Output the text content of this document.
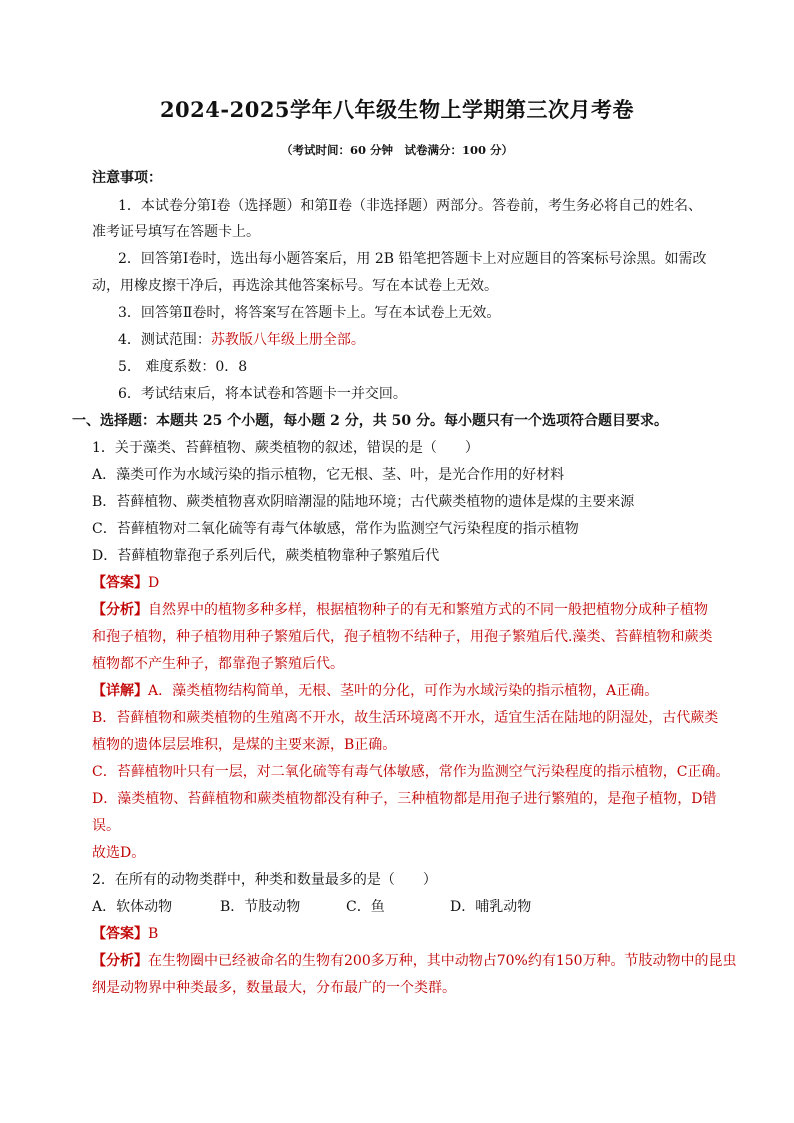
2024-2025学年八年级生物上学期第三次月考卷
（考试时间：60 分钟　试卷满分：100 分）
注意事项：
1．本试卷分第Ⅰ卷（选择题）和第Ⅱ卷（非选择题）两部分。答卷前，考生务必将自己的姓名、
准考证号填写在答题卡上。
2．回答第Ⅰ卷时，选出每小题答案后，用 2B 铅笔把答题卡上对应题目的答案标号涂黑。如需改
动，用橡皮擦干净后，再选涂其他答案标号。写在本试卷上无效。
3．回答第Ⅱ卷时，将答案写在答题卡上。写在本试卷上无效。
4．测试范围：苏教版八年级上册全部。
5.　难度系数：0．8
6．考试结束后，将本试卷和答题卡一并交回。
一、选择题：本题共 25 个小题，每小题 2 分，共 50 分。每小题只有一个选项符合题目要求。
1．关于藻类、苔藓植物、蕨类植物的叙述，错误的是（　　）
A．藻类可作为水域污染的指示植物，它无根、茎、叶，是光合作用的好材料
B．苔藓植物、蕨类植物喜欢阴暗潮湿的陆地环境；古代蕨类植物的遗体是煤的主要来源
C．苔藓植物对二氧化硫等有毒气体敏感，常作为监测空气污染程度的指示植物
D．苔藓植物靠孢子系列后代，蕨类植物靠种子繁殖后代
【答案】D
【分析】自然界中的植物多种多样，根据植物种子的有无和繁殖方式的不同一般把植物分成种子植物
和孢子植物，种子植物用种子繁殖后代，孢子植物不结种子，用孢子繁殖后代.藻类、苔藓植物和蕨类
植物都不产生种子，都靠孢子繁殖后代。
【详解】A．藻类植物结构简单，无根、茎叶的分化，可作为水域污染的指示植物，A正确。
B．苔藓植物和蕨类植物的生殖离不开水，故生活环境离不开水，适宜生活在陆地的阴湿处，古代蕨类
植物的遗体层层堆积，是煤的主要来源，B正确。
C．苔藓植物叶只有一层，对二氧化硫等有毒气体敏感，常作为监测空气污染程度的指示植物，C正确。
D．藻类植物、苔藓植物和蕨类植物都没有种子，三种植物都是用孢子进行繁殖的，是孢子植物，D错
误。
故选D。
2．在所有的动物类群中，种类和数量最多的是（　　）
A．软体动物	B．节肢动物	C．鱼	D．哺乳动物
【答案】B
【分析】在生物圈中已经被命名的生物有200多万种，其中动物占70%约有150万种。节肢动物中的昆虫
纲是动物界中种类最多，数量最大，分布最广的一个类群。
